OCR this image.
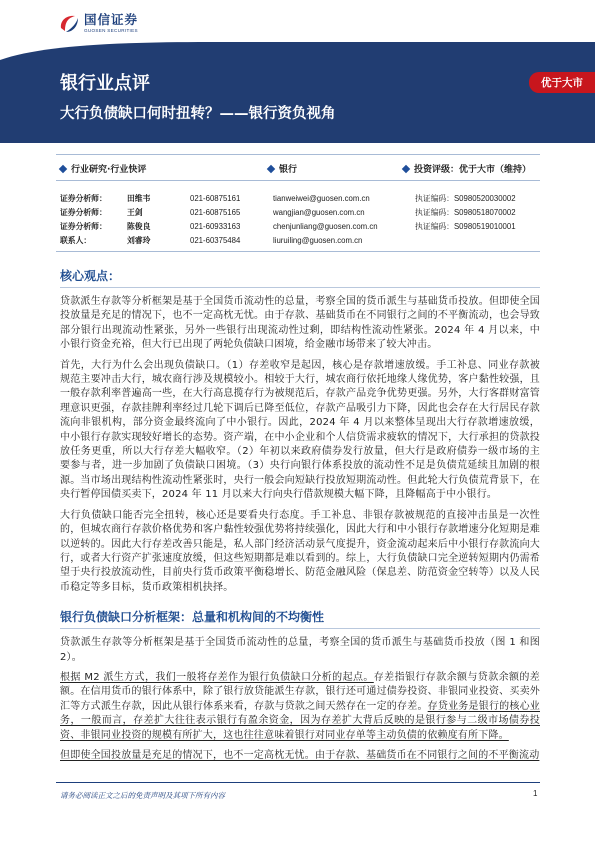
银行业点评
大行负债缺口何时扭转？——银行资负视角
优于大市
国信证券
GUOSEN SECURITIES
行业研究·行业快评	银行	投资评级：优于大市（维持）
证券分析师：	田维韦	021-60875161	tianweiwei@guosen.com.cn	执证编码：S0980520030002
证券分析师：	王剑	021-60875165	wangjian@guosen.com.cn	执证编码：S0980518070002
证券分析师：	陈俊良	021-60933163	chenjunliang@guosen.com.cn	执证编码：S0980519010001
联系人：	刘睿玲	021-60375484	liuruiling@guosen.com.cn
核心观点：

贷款派生存款等分析框架是基于全国货币流动性的总量，考察全国的货币派生与基础货币投放。但即使全国投放量是充足的情况下，也不一定高枕无忧。由于存款、基础货币在不同银行之间的不平衡流动，也会导致部分银行出现流动性紧张，另外一些银行出现流动性过剩，即结构性流动性紧张。2024 年 4 月以来，中小银行资金充裕，但大行已出现了两轮负债缺口困境，给金融市场带来了较大冲击。

首先，大行为什么会出现负债缺口。（1）存差收窄是起因，核心是存款增速放缓。手工补息、同业存款被规范主要冲击大行，城农商行涉及规模较小。相较于大行，城农商行依托地缘人缘优势，客户黏性较强，且一般存款利率普遍高一些，在大行高息揽存行为被规范后，存款产品竞争优势更强。另外，大行客群财富管理意识更强，存款挂牌利率经过几轮下调后已降至低位，存款产品吸引力下降，因此也会存在大行居民存款流向非银机构，部分资金最终流向了中小银行。因此，2024 年 4 月以来整体呈现出大行存款增速放缓，中小银行存款实现较好增长的态势。资产端，在中小企业和个人信贷需求疲软的情况下，大行承担的贷款投放任务更重，所以大行存差大幅收窄。（2）年初以来政府债券发行放量，但大行是政府债券一级市场的主要参与者，进一步加剧了负债缺口困境。（3）央行向银行体系投放的流动性不足是负债荒延续且加剧的根源。当市场出现结构性流动性紧张时，央行一般会向短缺行投放短期流动性。但此轮大行负债荒背景下，在央行暂停国债买卖下，2024 年 11 月以来大行向央行借款规模大幅下降，且降幅高于中小银行。

大行负债缺口能否完全扭转，核心还是要看央行态度。手工补息、非银存款被规范的直接冲击虽是一次性的，但城农商行存款价格优势和客户黏性较强优势将持续强化，因此大行和中小银行存款增速分化短期是难以逆转的。因此大行存差改善只能是，私人部门经济活动景气度提升，资金流动起来后中小银行存款流向大行，或者大行资产扩张速度放缓，但这些短期都是难以看到的。综上，大行负债缺口完全逆转短期内仍需希望于央行投放流动性，目前央行货币政策平衡稳增长、防范金融风险（保息差、防范资金空转等）以及人民币稳定等多目标，货币政策相机抉择。

银行负债缺口分析框架：总量和机构间的不均衡性

贷款派生存款等分析框架是基于全国货币流动性的总量，考察全国的货币派生与基础货币投放（图 1 和图 2）。

根据 M2 派生方式，我们一般将存差作为银行负债缺口分析的起点。存差指银行存款余额与贷款余额的差额。在信用货币的银行体系中，除了银行放贷能派生存款，银行还可通过债券投资、非银同业投资、买卖外汇等方式派生存款，因此从银行体系来看，存款与贷款之间天然存在一定的存差。存贷业务是银行的核心业务，一般而言，存差扩大往往表示银行有盈余资金，因为存差扩大背后反映的是银行参与二级市场债券投资、非银同业投资的规模有所扩大，这也往往意味着银行对同业存单等主动负债的依赖度有所下降。

但即使全国投放量是充足的情况下，也不一定高枕无忧。由于存款、基础货币在不同银行之间的不平衡流动

请务必阅读正文之后的免责声明及其项下所有内容	1
